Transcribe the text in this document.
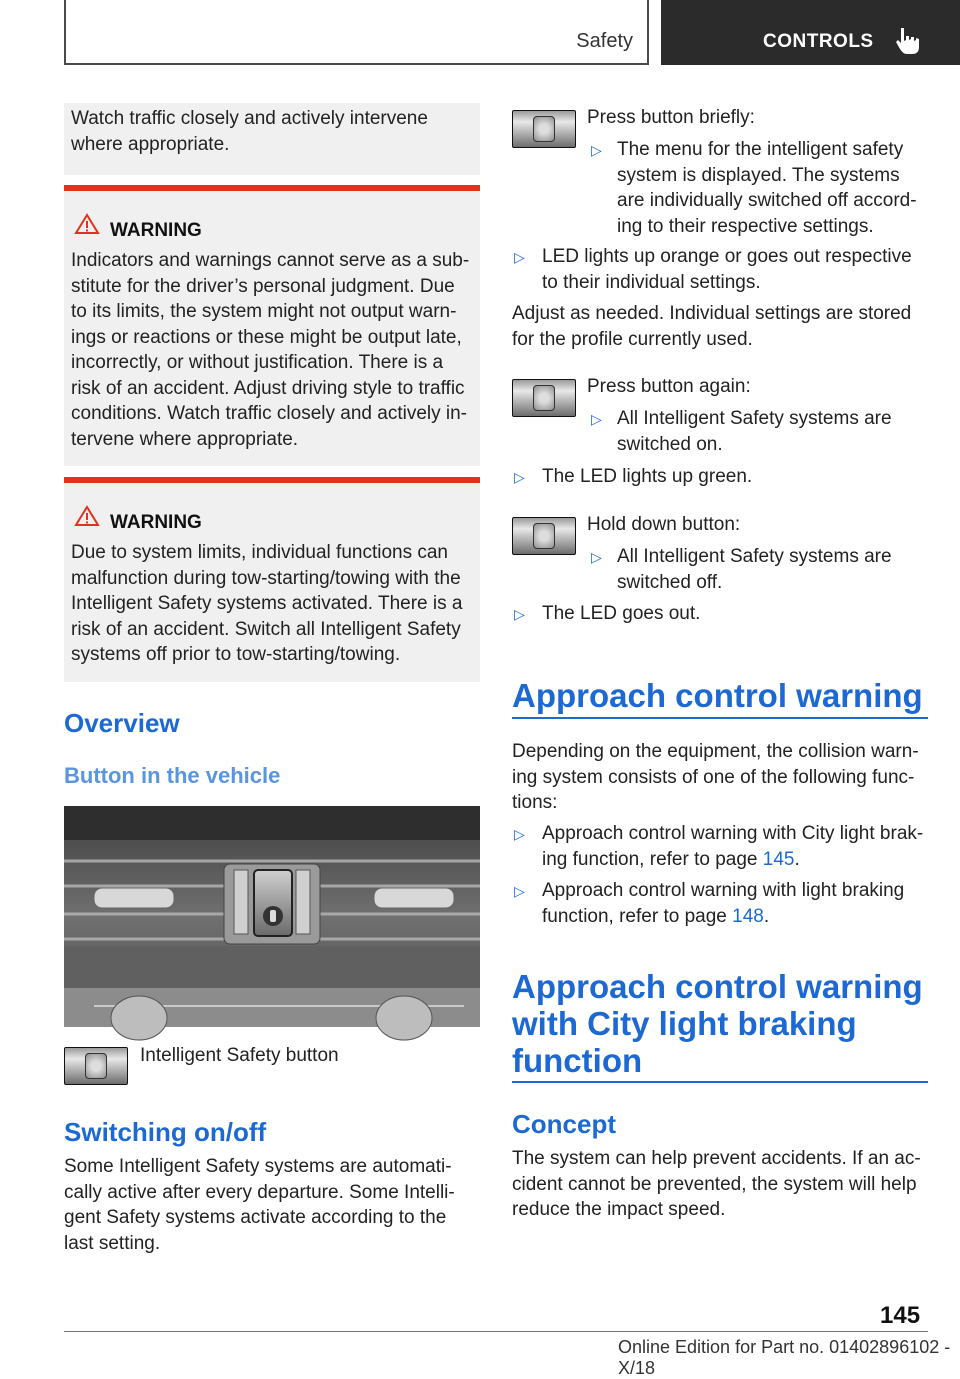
Safety	CONTROLS

Watch traffic closely and actively intervene where appropriate.

WARNING

Indicators and warnings cannot serve as a sub-stitute for the driver’s personal judgment. Due to its limits, the system might not output warn-ings or reactions or these might be output late, incorrectly, or without justification. There is a risk of an accident. Adjust driving style to traffic conditions. Watch traffic closely and actively in-tervene where appropriate.

WARNING

Due to system limits, individual functions can malfunction during tow-starting/towing with the Intelligent Safety systems activated. There is a risk of an accident. Switch all Intelligent Safety systems off prior to tow-starting/towing.

Overview
Button in the vehicle
Intelligent Safety button
Switching on/off

Some Intelligent Safety systems are automati-cally active after every departure. Some Intelli-gent Safety systems activate according to the last setting.

Press button briefly:
▷ The menu for the intelligent safety system is displayed. The systems are individually switched off accord-ing to their respective settings.

▷ LED lights up orange or goes out respective to their individual settings.

Adjust as needed. Individual settings are stored for the profile currently used.

Press button again:
▷ All Intelligent Safety systems are switched on.

▷ The LED lights up green.

Hold down button:
▷ All Intelligent Safety systems are switched off.

▷ The LED goes out.

Approach control warning

Depending on the equipment, the collision warn-ing system consists of one of the following func-tions:

▷ Approach control warning with City light brak-ing function, refer to page 145.

▷ Approach control warning with light braking function, refer to page 148.

Approach control warning
with City light braking
function
Concept

The system can help prevent accidents. If an ac-cident cannot be prevented, the system will help reduce the impact speed.

145
Online Edition for Part no. 01402896102 - X/18
